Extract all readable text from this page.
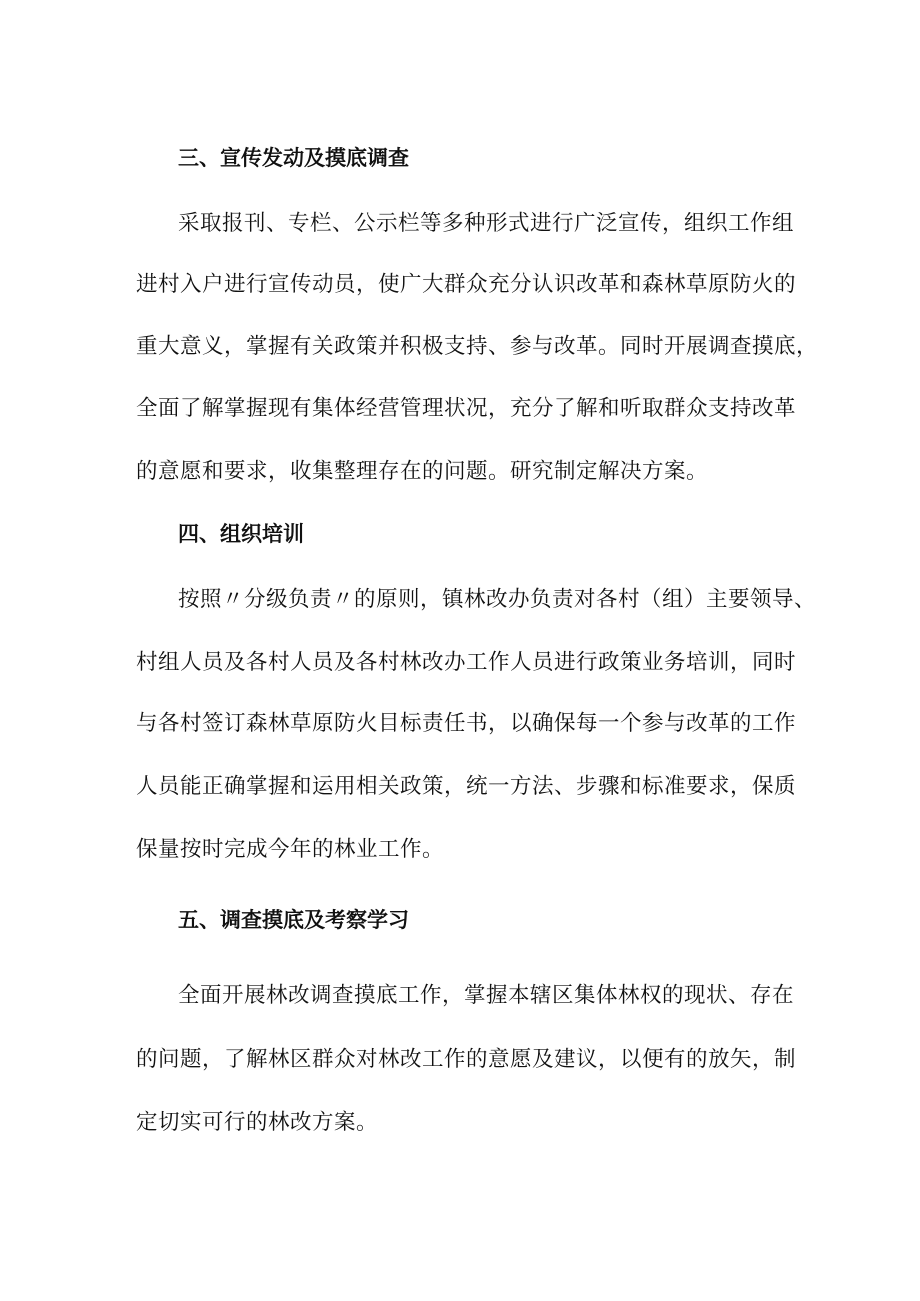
三、宣传发动及摸底调查
采取报刊、专栏、公示栏等多种形式进行广泛宣传，组织工作组
进村入户进行宣传动员，使广大群众充分认识改革和森林草原防火的
重大意义，掌握有关政策并积极支持、参与改革。同时开展调查摸底，
全面了解掌握现有集体经营管理状况，充分了解和听取群众支持改革
的意愿和要求，收集整理存在的问题。研究制定解决方案。
四、组织培训
按照〃分级负责〃的原则，镇林改办负责对各村（组）主要领导、
村组人员及各村人员及各村林改办工作人员进行政策业务培训，同时
与各村签订森林草原防火目标责任书，以确保每一个参与改革的工作
人员能正确掌握和运用相关政策，统一方法、步骤和标准要求，保质
保量按时完成今年的林业工作。
五、调查摸底及考察学习
全面开展林改调查摸底工作，掌握本辖区集体林权的现状、存在
的问题，了解林区群众对林改工作的意愿及建议，以便有的放矢，制
定切实可行的林改方案。
